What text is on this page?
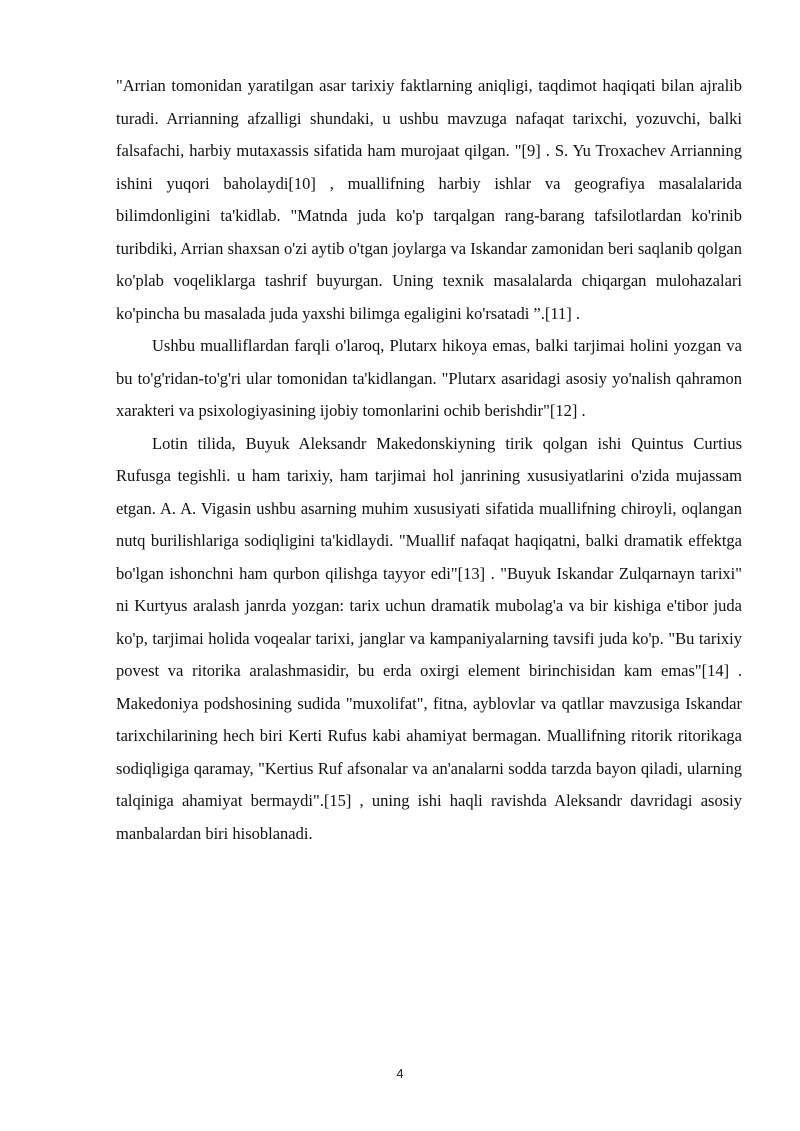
"Arrian tomonidan yaratilgan asar tarixiy faktlarning aniqligi, taqdimot haqiqati bilan ajralib turadi. Arrianning afzalligi shundaki, u ushbu mavzuga nafaqat tarixchi, yozuvchi, balki falsafachi, harbiy mutaxassis sifatida ham murojaat qilgan. "[9] . S. Yu Troxachev Arrianning ishini yuqori baholaydi[10] , muallifning harbiy ishlar va geografiya masalalarida bilimdonligini ta'kidlab. "Matnda juda ko'p tarqalgan rang-barang tafsilotlardan ko'rinib turibdiki, Arrian shaxsan o'zi aytib o'tgan joylarga va Iskandar zamonidan beri saqlanib qolgan ko'plab voqeliklarga tashrif buyurgan. Uning texnik masalalarda chiqargan mulohazalari ko'pincha bu masalada juda yaxshi bilimga egaligini ko'rsatadi ”.[11] .

Ushbu mualliflardan farqli o'laroq, Plutarx hikoya emas, balki tarjimai holini yozgan va bu to'g'ridan-to'g'ri ular tomonidan ta'kidlangan. "Plutarx asaridagi asosiy yo'nalish qahramon xarakteri va psixologiyasining ijobiy tomonlarini ochib berishdir"[12] .

Lotin tilida, Buyuk Aleksandr Makedonskiyning tirik qolgan ishi Quintus Curtius Rufusga tegishli. u ham tarixiy, ham tarjimai hol janrining xususiyatlarini o'zida mujassam etgan. A. A. Vigasin ushbu asarning muhim xususiyati sifatida muallifning chiroyli, oqlangan nutq burilishlariga sodiqligini ta'kidlaydi. "Muallif nafaqat haqiqatni, balki dramatik effektga bo'lgan ishonchni ham qurbon qilishga tayyor edi"[13] . "Buyuk Iskandar Zulqarnayn tarixi" ni Kurtyus aralash janrda yozgan: tarix uchun dramatik mubolag'a va bir kishiga e'tibor juda ko'p, tarjimai holida voqealar tarixi, janglar va kampaniyalarning tavsifi juda ko'p. "Bu tarixiy povest va ritorika aralashmasidir, bu erda oxirgi element birinchisidan kam emas"[14] . Makedoniya podshosining sudida "muxolifat", fitna, ayblovlar va qatllar mavzusiga Iskandar tarixchilarining hech biri Kerti Rufus kabi ahamiyat bermagan. Muallifning ritorik ritorikaga sodiqligiga qaramay, "Kertius Ruf afsonalar va an'analarni sodda tarzda bayon qiladi, ularning talqiniga ahamiyat bermaydi".[15] , uning ishi haqli ravishda Aleksandr davridagi asosiy manbalardan biri hisoblanadi.

4
